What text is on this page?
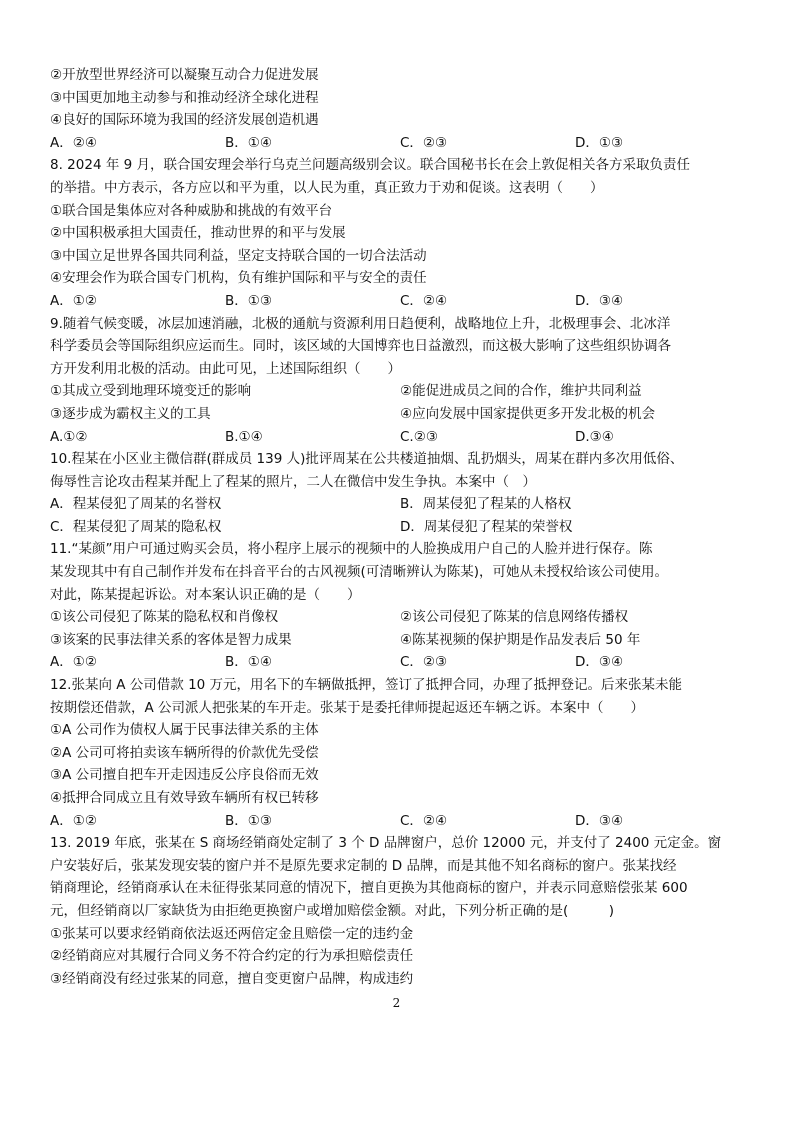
②开放型世界经济可以凝聚互动合力促进发展
③中国更加地主动参与和推动经济全球化进程
④良好的国际环境为我国的经济发展创造机遇
A．②④	B．①④	C．②③	D．①③
8. 2024 年 9 月，联合国安理会举行乌克兰问题高级别会议。联合国秘书长在会上敦促相关各方采取负责任
的举措。中方表示，各方应以和平为重，以人民为重，真正致力于劝和促谈。这表明（　　）
①联合国是集体应对各种威胁和挑战的有效平台
②中国积极承担大国责任，推动世界的和平与发展
③中国立足世界各国共同利益，坚定支持联合国的一切合法活动
④安理会作为联合国专门机构，负有维护国际和平与安全的责任
A．①②	B．①③	C．②④	D．③④
9.随着气候变暖，冰层加速消融，北极的通航与资源利用日趋便利，战略地位上升，北极理事会、北冰洋
科学委员会等国际组织应运而生。同时，该区域的大国博弈也日益激烈，而这极大影响了这些组织协调各
方开发利用北极的活动。由此可见，上述国际组织（　　）
①其成立受到地理环境变迁的影响	②能促进成员之间的合作，维护共同利益
③逐步成为霸权主义的工具	④应向发展中国家提供更多开发北极的机会
A.①②	B.①④	C.②③	D.③④
10.程某在小区业主微信群(群成员 139 人)批评周某在公共楼道抽烟、乱扔烟头，周某在群内多次用低俗、
侮辱性言论攻击程某并配上了程某的照片，二人在微信中发生争执。本案中（　）
A．程某侵犯了周某的名誉权	B．周某侵犯了程某的人格权
C．程某侵犯了周某的隐私权	D．周某侵犯了程某的荣誉权
11.“某颜”用户可通过购买会员，将小程序上展示的视频中的人脸换成用户自己的人脸并进行保存。陈
某发现其中有自己制作并发布在抖音平台的古风视频(可清晰辨认为陈某)，可她从未授权给该公司使用。
对此，陈某提起诉讼。对本案认识正确的是（　　）
①该公司侵犯了陈某的隐私权和肖像权	②该公司侵犯了陈某的信息网络传播权
③该案的民事法律关系的客体是智力成果	④陈某视频的保护期是作品发表后 50 年
A．①②	B．①④	C．②③	D．③④
12.张某向 A 公司借款 10 万元，用名下的车辆做抵押，签订了抵押合同，办理了抵押登记。后来张某未能
按期偿还借款，A 公司派人把张某的车开走。张某于是委托律师提起返还车辆之诉。本案中（　　）
①A 公司作为债权人属于民事法律关系的主体
②A 公司可将拍卖该车辆所得的价款优先受偿
③A 公司擅自把车开走因违反公序良俗而无效
④抵押合同成立且有效导致车辆所有权已转移
A．①②	B．①③	C．②④	D．③④
13. 2019 年底，张某在 S 商场经销商处定制了 3 个 D 品牌窗户，总价 12000 元，并支付了 2400 元定金。窗
户安装好后，张某发现安装的窗户并不是原先要求定制的 D 品牌，而是其他不知名商标的窗户。张某找经
销商理论，经销商承认在未征得张某同意的情况下，擅自更换为其他商标的窗户，并表示同意赔偿张某 600
元，但经销商以厂家缺货为由拒绝更换窗户或增加赔偿金额。对此，下列分析正确的是(　　　)
①张某可以要求经销商依法返还两倍定金且赔偿一定的违约金
②经销商应对其履行合同义务不符合约定的行为承担赔偿责任
③经销商没有经过张某的同意，擅自变更窗户品牌，构成违约
2
